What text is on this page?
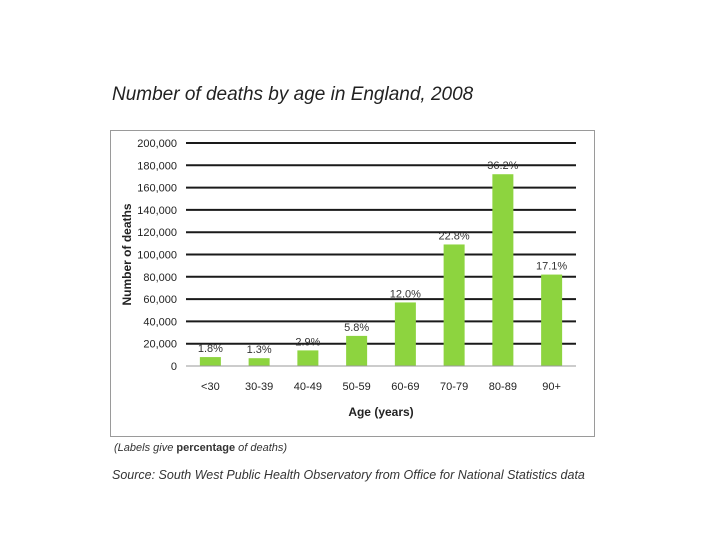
Number of deaths by age in England, 2008
0
20,000
40,000
60,000
80,000
100,000
120,000
140,000
160,000
180,000
200,000
1.8% 1.3%
2.9%
5.8%
12.0%
22.8%
36.2%
17.1%
<30 30-39 40-49 50-59 60-69 70-79 80-89 90+
Number of deaths
Age (years)
(Labels give percentage of deaths)
Source: South West Public Health Observatory from Office for National Statistics data
